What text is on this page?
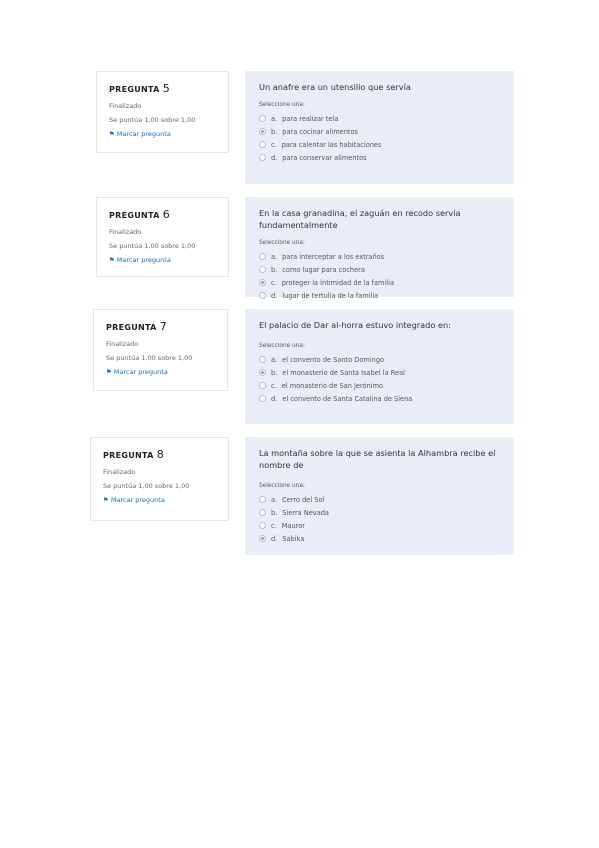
PREGUNTA 5
Finalizado
Se puntúa 1,00 sobre 1,00
⚑ Marcar pregunta
Un anafre era un utensilio que servía
Seleccione una:
a. para realizar tela
b. para cocinar alimentos
c. para calentar las habitaciones
d. para conservar alimentos
PREGUNTA 6
Finalizado
Se puntúa 1,00 sobre 1,00
⚑ Marcar pregunta
En la casa granadina, el zaguán en recodo servía fundamentalmente
Seleccione una:
a. para interceptar a los extraños
b. como lugar para cochera
c. proteger la intimidad de la familia
d. lugar de tertulia de la familia
PREGUNTA 7
Finalizado
Se puntúa 1,00 sobre 1,00
⚑ Marcar pregunta
El palacio de Dar al-horra estuvo integrado en:
Seleccione una:
a. el convento de Santo Domingo
b. el monasterio de Santa Isabel la Real
c. el monasterio de San Jerónimo
d. el convento de Santa Catalina de Siena
PREGUNTA 8
Finalizado
Se puntúa 1,00 sobre 1,00
⚑ Marcar pregunta
La montaña sobre la que se asienta la Alhambra recibe el nombre de
Seleccione una:
a. Cerro del Sol
b. Sierra Nevada
c. Mauror
d. Sabika
